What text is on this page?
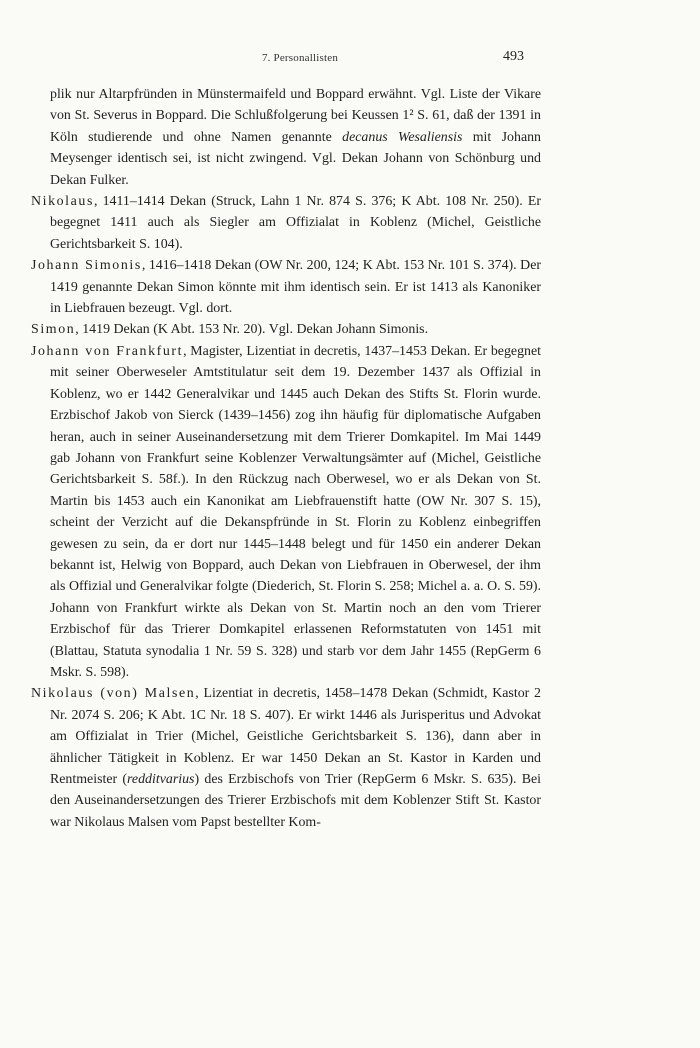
7. Personallisten	493

plik nur Altarpfründen in Münstermaifeld und Boppard erwähnt. Vgl. Liste der Vikare von St. Severus in Boppard. Die Schlußfolgerung bei Keussen 1² S. 61, daß der 1391 in Köln studierende und ohne Namen genannte decanus Wesaliensis mit Johann Meysenger identisch sei, ist nicht zwingend. Vgl. Dekan Johann von Schönburg und Dekan Fulker.

Nikolaus, 1411–1414 Dekan (Struck, Lahn 1 Nr. 874 S. 376; K Abt. 108 Nr. 250). Er begegnet 1411 auch als Siegler am Offizialat in Koblenz (Michel, Geistliche Gerichtsbarkeit S. 104).

Johann Simonis, 1416–1418 Dekan (OW Nr. 200, 124; K Abt. 153 Nr. 101 S. 374). Der 1419 genannte Dekan Simon könnte mit ihm identisch sein. Er ist 1413 als Kanoniker in Liebfrauen bezeugt. Vgl. dort.

Simon, 1419 Dekan (K Abt. 153 Nr. 20). Vgl. Dekan Johann Simonis.

Johann von Frankfurt, Magister, Lizentiat in decretis, 1437–1453 Dekan. Er begegnet mit seiner Oberweseler Amtstitulatur seit dem 19. Dezember 1437 als Offizial in Koblenz, wo er 1442 Generalvikar und 1445 auch Dekan des Stifts St. Florin wurde. Erzbischof Jakob von Sierck (1439–1456) zog ihn häufig für diplomatische Aufgaben heran, auch in seiner Auseinandersetzung mit dem Trierer Domkapitel. Im Mai 1449 gab Johann von Frankfurt seine Koblenzer Verwaltungsämter auf (Michel, Geistliche Gerichtsbarkeit S. 58f.). In den Rückzug nach Oberwesel, wo er als Dekan von St. Martin bis 1453 auch ein Kanonikat am Liebfrauenstift hatte (OW Nr. 307 S. 15), scheint der Verzicht auf die Dekanspfründe in St. Florin zu Koblenz einbegriffen gewesen zu sein, da er dort nur 1445–1448 belegt und für 1450 ein anderer Dekan bekannt ist, Helwig von Boppard, auch Dekan von Liebfrauen in Oberwesel, der ihm als Offizial und Generalvikar folgte (Diederich, St. Florin S. 258; Michel a. a. O. S. 59). Johann von Frankfurt wirkte als Dekan von St. Martin noch an den vom Trierer Erzbischof für das Trierer Domkapitel erlassenen Reformstatuten von 1451 mit (Blattau, Statuta synodalia 1 Nr. 59 S. 328) und starb vor dem Jahr 1455 (RepGerm 6 Mskr. S. 598).

Nikolaus (von) Malsen, Lizentiat in decretis, 1458–1478 Dekan (Schmidt, Kastor 2 Nr. 2074 S. 206; K Abt. 1C Nr. 18 S. 407). Er wirkt 1446 als Jurisperitus und Advokat am Offizialat in Trier (Michel, Geistliche Gerichtsbarkeit S. 136), dann aber in ähnlicher Tätigkeit in Koblenz. Er war 1450 Dekan an St. Kastor in Karden und Rentmeister (redditvarius) des Erzbischofs von Trier (RepGerm 6 Mskr. S. 635). Bei den Auseinandersetzungen des Trierer Erzbischofs mit dem Koblenzer Stift St. Kastor war Nikolaus Malsen vom Papst bestellter Kom-
